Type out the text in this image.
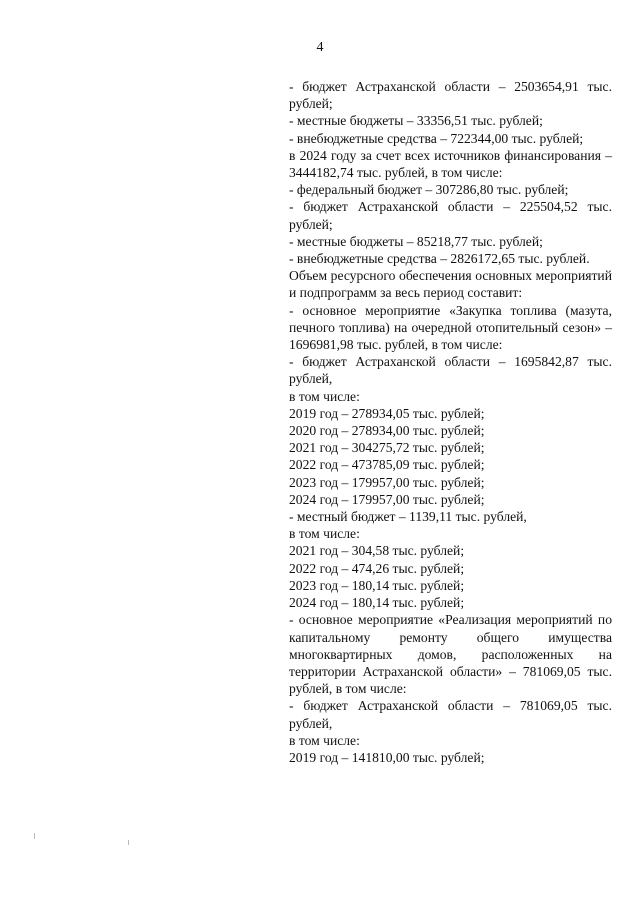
4

- бюджет Астраханской области – 2503654,91 тыс. рублей;

- местные бюджеты – 33356,51 тыс. рублей;

- внебюджетные средства – 722344,00 тыс. рублей;

в 2024 году за счет всех источников финансирования – 3444182,74 тыс. рублей, в том числе:

- федеральный бюджет – 307286,80 тыс. рублей;

- бюджет Астраханской области – 225504,52 тыс. рублей;

- местные бюджеты – 85218,77 тыс. рублей;

- внебюджетные средства – 2826172,65 тыс. рублей.

Объем ресурсного обеспечения основных мероприятий и подпрограмм за весь период составит:

- основное мероприятие «Закупка топлива (мазута, печного топлива) на очередной отопительный сезон» – 1696981,98 тыс. рублей, в том числе:

- бюджет Астраханской области – 1695842,87 тыс. рублей,

в том числе:

2019 год – 278934,05 тыс. рублей;

2020 год – 278934,00 тыс. рублей;

2021 год – 304275,72 тыс. рублей;

2022 год – 473785,09 тыс. рублей;

2023 год – 179957,00 тыс. рублей;

2024 год – 179957,00 тыс. рублей;

- местный бюджет – 1139,11 тыс. рублей,

в том числе:

2021 год – 304,58 тыс. рублей;

2022 год – 474,26 тыс. рублей;

2023 год – 180,14 тыс. рублей;

2024 год – 180,14 тыс. рублей;

- основное мероприятие «Реализация мероприятий по капитальному ремонту общего имущества многоквартирных домов, расположенных на территории Астраханской области» – 781069,05 тыс. рублей, в том числе:

- бюджет Астраханской области – 781069,05 тыс. рублей,

в том числе:

2019 год – 141810,00 тыс. рублей;
